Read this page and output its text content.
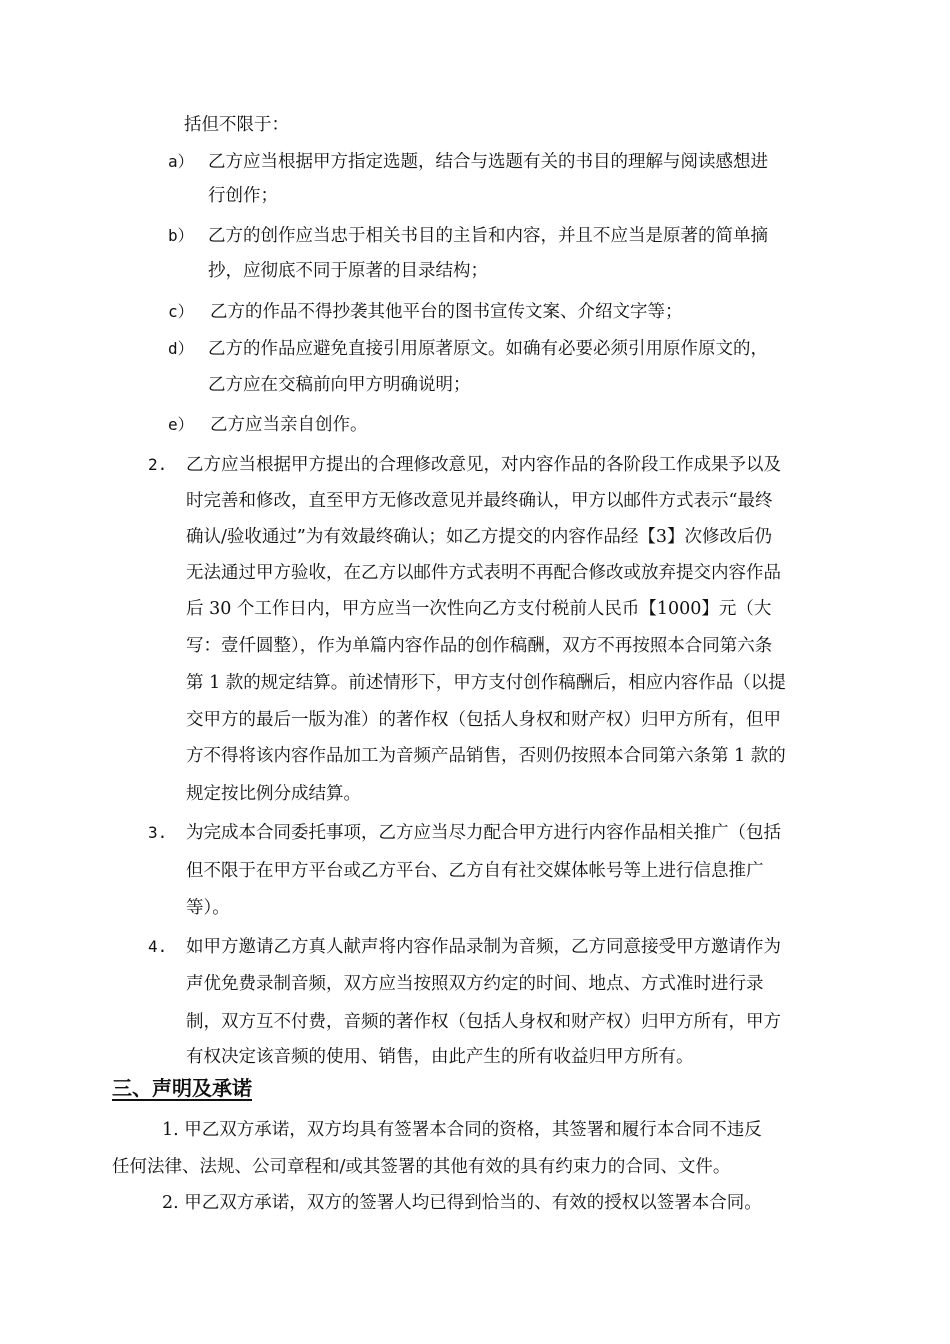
括但不限于：
a） 乙方应当根据甲方指定选题，结合与选题有关的书目的理解与阅读感想进
行创作；
b） 乙方的创作应当忠于相关书目的主旨和内容，并且不应当是原著的简单摘
抄，应彻底不同于原著的目录结构；
c） 乙方的作品不得抄袭其他平台的图书宣传文案、介绍文字等；
d） 乙方的作品应避免直接引用原著原文。如确有必要必须引用原作原文的，
乙方应在交稿前向甲方明确说明；
e） 乙方应当亲自创作。
2. 乙方应当根据甲方提出的合理修改意见，对内容作品的各阶段工作成果予以及
时完善和修改，直至甲方无修改意见并最终确认，甲方以邮件方式表示“最终
确认/验收通过”为有效最终确认；如乙方提交的内容作品经【3】次修改后仍
无法通过甲方验收，在乙方以邮件方式表明不再配合修改或放弃提交内容作品
后 30 个工作日内，甲方应当一次性向乙方支付税前人民币【1000】元（大
写：壹仟圆整），作为单篇内容作品的创作稿酬，双方不再按照本合同第六条
第 1 款的规定结算。前述情形下，甲方支付创作稿酬后，相应内容作品（以提
交甲方的最后一版为准）的著作权（包括人身权和财产权）归甲方所有，但甲
方不得将该内容作品加工为音频产品销售，否则仍按照本合同第六条第 1 款的
规定按比例分成结算。
3. 为完成本合同委托事项，乙方应当尽力配合甲方进行内容作品相关推广（包括
但不限于在甲方平台或乙方平台、乙方自有社交媒体帐号等上进行信息推广
等）。
4. 如甲方邀请乙方真人献声将内容作品录制为音频，乙方同意接受甲方邀请作为
声优免费录制音频，双方应当按照双方约定的时间、地点、方式准时进行录
制，双方互不付费，音频的著作权（包括人身权和财产权）归甲方所有，甲方
有权决定该音频的使用、销售，由此产生的所有收益归甲方所有。
三、声明及承诺
1. 甲乙双方承诺，双方均具有签署本合同的资格，其签署和履行本合同不违反
任何法律、法规、公司章程和/或其签署的其他有效的具有约束力的合同、文件。
2. 甲乙双方承诺，双方的签署人均已得到恰当的、有效的授权以签署本合同。
